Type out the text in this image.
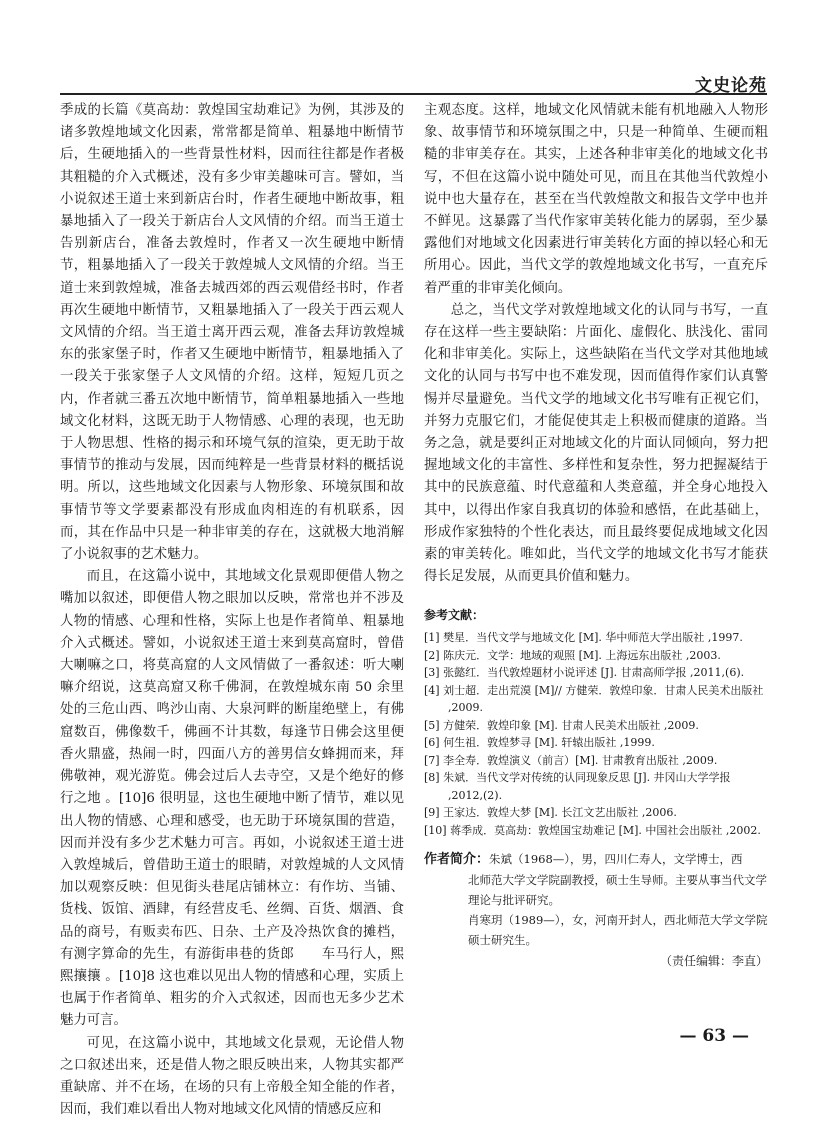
文史论苑

季成的长篇《莫高劫：敦煌国宝劫难记》为例，其涉及的诸多敦煌地域文化因素，常常都是简单、粗暴地中断情节后，生硬地插入的一些背景性材料，因而往往都是作者极其粗糙的介入式概述，没有多少审美趣味可言。譬如，当小说叙述王道士来到新店台时，作者生硬地中断故事，粗暴地插入了一段关于新店台人文风情的介绍。而当王道士告别新店台，准备去敦煌时，作者又一次生硬地中断情节，粗暴地插入了一段关于敦煌城人文风情的介绍。当王道士来到敦煌城，准备去城西郊的西云观借经书时，作者再次生硬地中断情节，又粗暴地插入了一段关于西云观人文风情的介绍。当王道士离开西云观，准备去拜访敦煌城东的张家堡子时，作者又生硬地中断情节，粗暴地插入了一段关于张家堡子人文风情的介绍。这样，短短几页之内，作者就三番五次地中断情节，简单粗暴地插入一些地域文化材料，这既无助于人物情感、心理的表现，也无助于人物思想、性格的揭示和环境气氛的渲染，更无助于故事情节的推动与发展，因而纯粹是一些背景材料的概括说明。所以，这些地域文化因素与人物形象、环境氛围和故事情节等文学要素都没有形成血肉相连的有机联系，因而，其在作品中只是一种非审美的存在，这就极大地消解了小说叙事的艺术魅力。

而且，在这篇小说中，其地域文化景观即便借人物之嘴加以叙述，即便借人物之眼加以反映，常常也并不涉及人物的情感、心理和性格，实际上也是作者简单、粗暴地介入式概述。譬如，小说叙述王道士来到莫高窟时，曾借大喇嘛之口，将莫高窟的人文风情做了一番叙述：听大喇嘛介绍说，这莫高窟又称千佛洞，在敦煌城东南 50 余里处的三危山西、鸣沙山南、大泉河畔的断崖绝壁上，有佛窟数百，佛像数千，佛画不计其数，每逢节日佛会这里便香火鼎盛，热闹一时，四面八方的善男信女蜂拥而来，拜佛敬神，观光游览。佛会过后人去寺空，又是个绝好的修行之地 。[10]6 很明显，这也生硬地中断了情节，难以见出人物的情感、心理和感受，也无助于环境氛围的营造，因而并没有多少艺术魅力可言。再如，小说叙述王道士进入敦煌城后，曾借助王道士的眼睛，对敦煌城的人文风情加以观察反映：但见街头巷尾店铺林立：有作坊、当铺、货栈、饭馆、酒肆，有经营皮毛、丝绸、百货、烟酒、食品的商号，有贩卖布匹、日杂、土产及冷热饮食的摊档，有测字算命的先生，有游街串巷的货郎　　车马行人，熙熙攘攘 。[10]8 这也难以见出人物的情感和心理，实质上也属于作者简单、粗劣的介入式叙述，因而也无多少艺术魅力可言。

可见，在这篇小说中，其地域文化景观，无论借人物之口叙述出来，还是借人物之眼反映出来，人物其实都严重缺席、并不在场，在场的只有上帝般全知全能的作者，因而，我们难以看出人物对地域文化风情的情感反应和

主观态度。这样，地域文化风情就未能有机地融入人物形象、故事情节和环境氛围之中，只是一种简单、生硬而粗糙的非审美存在。其实，上述各种非审美化的地域文化书写，不但在这篇小说中随处可见，而且在其他当代敦煌小说中也大量存在，甚至在当代敦煌散文和报告文学中也并不鲜见。这暴露了当代作家审美转化能力的孱弱，至少暴露他们对地域文化因素进行审美转化方面的掉以轻心和无所用心。因此，当代文学的敦煌地域文化书写，一直充斥着严重的非审美化倾向。

总之，当代文学对敦煌地域文化的认同与书写，一直存在这样一些主要缺陷：片面化、虚假化、肤浅化、雷同化和非审美化。实际上，这些缺陷在当代文学对其他地域文化的认同与书写中也不难发现，因而值得作家们认真警惕并尽量避免。当代文学的地域文化书写唯有正视它们，并努力克服它们，才能促使其走上积极而健康的道路。当务之急，就是要纠正对地域文化的片面认同倾向，努力把握地域文化的丰富性、多样性和复杂性，努力把握凝结于其中的民族意蕴、时代意蕴和人类意蕴，并全身心地投入其中，以得出作家自我真切的体验和感悟，在此基础上，形成作家独特的个性化表达，而且最终要促成地域文化因素的审美转化。唯如此，当代文学的地域文化书写才能获得长足发展，从而更具价值和魅力。

参考文献：
[1] 樊星．当代文学与地域文化 [M]. 华中师范大学出版社 ,1997.
[2] 陈庆元．文学：地域的观照 [M]. 上海远东出版社 ,2003.
[3] 张懿红．当代敦煌题材小说评述 [J]. 甘肃高师学报 ,2011,(6).
[4] 刘士超．走出荒漠 [M]// 方健荣．敦煌印象．甘肃人民美术出版社 ,2009.
[5] 方健荣．敦煌印象 [M]. 甘肃人民美术出版社 ,2009.
[6] 何生祖．敦煌梦寻 [M]. 轩辕出版社 ,1999.
[7] 李全寿．敦煌演义（前言）[M]. 甘肃教育出版社 ,2009.
[8] 朱斌．当代文学对传统的认同现象反思 [J]. 井冈山大学学报 ,2012,(2).
[9] 王家达．敦煌大梦 [M]. 长江文艺出版社 ,2006.
[10] 蒋季成．莫高劫：敦煌国宝劫难记 [M]. 中国社会出版社 ,2002.
作者简介：朱斌（1968—），男，四川仁寿人，文学博士，西
北师范大学文学院副教授，硕士生导师。主要从事当代文学理论与批评研究。
肖寒玥（1989—），女，河南开封人，西北师范大学文学院硕士研究生。
（责任编辑：李直）
— 63 —
